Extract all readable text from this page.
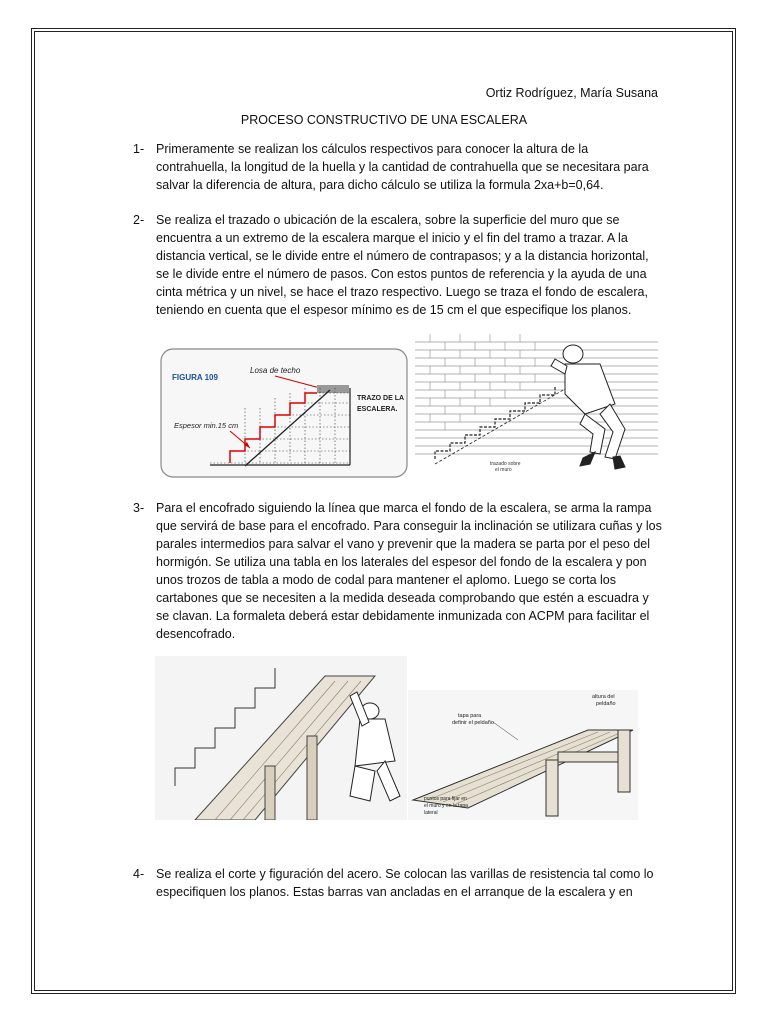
Ortiz Rodríguez, María Susana
PROCESO CONSTRUCTIVO DE UNA ESCALERA
1- Primeramente se realizan los cálculos respectivos para conocer la altura de la contrahuella, la longitud de la huella y la cantidad de contrahuella que se necesitara para salvar la diferencia de altura, para dicho cálculo se utiliza la formula 2xa+b=0,64.
2- Se realiza el trazado o ubicación de la escalera, sobre la superficie del muro que se encuentra a un extremo de la escalera marque el inicio y el fin del tramo a trazar. A la distancia vertical, se le divide entre el número de contrapasos; y a la distancia horizontal, se le divide entre el número de pasos. Con estos puntos de referencia y la ayuda de una cinta métrica y un nivel, se hace el trazo respectivo. Luego se traza el fondo de escalera, teniendo en cuenta que el espesor mínimo es de 15 cm el que especifique los planos.
FIGURA 109
Losa de techo
TRAZO DE LA
ESCALERA.
Espesor min.15 cm
trazado sobre
el muro
3- Para el encofrado siguiendo la línea que marca el fondo de la escalera, se arma la rampa que servirá de base para el encofrado. Para conseguir la inclinación se utilizara cuñas y los parales intermedios para salvar el vano y prevenir que la madera se parta por el peso del hormigón. Se utiliza una tabla en los laterales del espesor del fondo de la escalera y pon unos trozos de tabla a modo de codal para mantener el aplomo. Luego se corta los cartabones que se necesiten a la medida deseada comprobando que estén a escuadra y se clavan. La formaleta deberá estar debidamente inmunizada con ACPM para facilitar el desencofrado.
altura del
peldaño
tapa para
definir el peldaño
puntos para fijar en
el muro y en la tapa
lateral
4- Se realiza el corte y figuración del acero. Se colocan las varillas de resistencia tal como lo especifiquen los planos. Estas barras van ancladas en el arranque de la escalera y en
